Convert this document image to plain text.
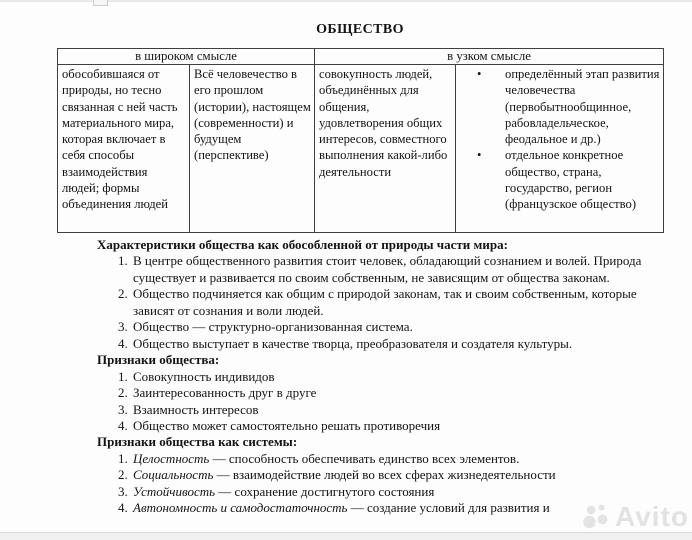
ОБЩЕСТВО
в широком смысле		в узком смысле	
обособившаяся от природы, но тесно связанная с ней часть материального мира, которая включает в себя способы взаимодействия людей; формы объединения людей	Всё человечество в его прошлом (истории), настоящем (современности) и будущем (перспективе)	совокупность людей, объединённых для общения, удовлетворения общих интересов, совместного выполнения какой-либо деятельности	
•	определённый этап развития человечества (первобытнообщинное, рабовладельческое, феодальное и др.)
•	отдельное конкретное общество, страна, государство, регион (французское общество)
Характеристики общества как обособленной от природы части мира:
1. В центре общественного развития стоит человек, обладающий сознанием и волей. Природа существует и развивается по своим собственным, не зависящим от общества законам.
2. Общество подчиняется как общим с природой законам, так и своим собственным, которые зависят от сознания и воли людей.
3. Общество — структурно-организованная система.
4. Общество выступает в качестве творца, преобразователя и создателя культуры.
Признаки общества:
1. Совокупность индивидов
2. Заинтересованность друг в друге
3. Взаимность интересов
4. Общество может самостоятельно решать противоречия
Признаки общества как системы:
1. Целостность — способность обеспечивать единство всех элементов.
2. Социальность — взаимодействие людей во всех сферах жизнедеятельности
3. Устойчивость — сохранение достигнутого состояния
4. Автономность и самодостаточность — создание условий для развития и	Avito
